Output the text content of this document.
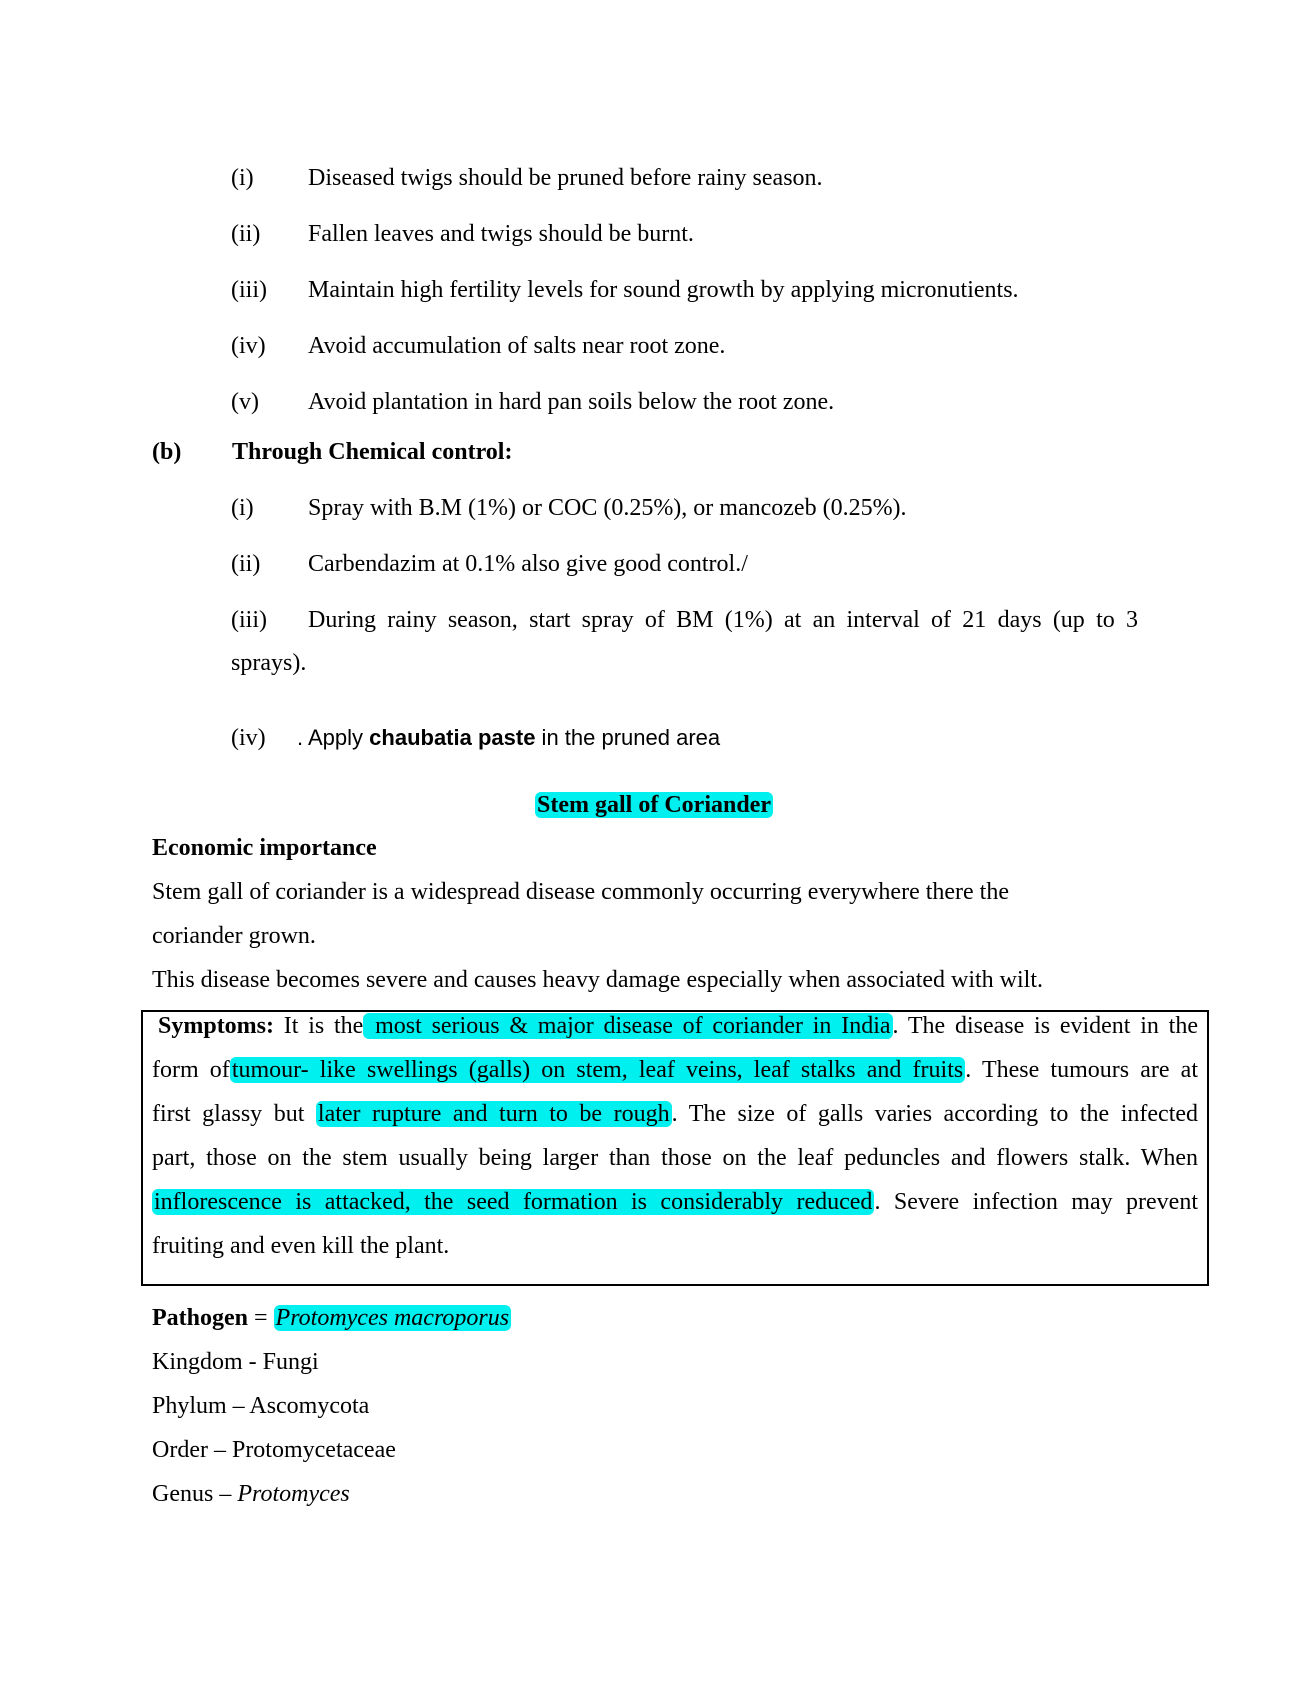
(i) Diseased twigs should be pruned before rainy season.
(ii) Fallen leaves and twigs should be burnt.
(iii) Maintain high fertility levels for sound growth by applying micronutients.
(iv) Avoid accumulation of salts near root zone.
(v) Avoid plantation in hard pan soils below the root zone.
(b) Through Chemical control:
(i) Spray with B.M (1%) or COC (0.25%), or mancozeb (0.25%).
(ii) Carbendazim at 0.1% also give good control./
(iii) During rainy season, start spray of BM (1%) at an interval of 21 days (up to 3
sprays).
(iv) . Apply chaubatia paste in the pruned area
Stem gall of Coriander
Economic importance
Stem gall of coriander is a widespread disease commonly occurring everywhere there the
coriander grown.
This disease becomes severe and causes heavy damage especially when associated with wilt.
Symptoms: It is the most serious & major disease of coriander in India. The disease is evident in the
form oftumour- like swellings (galls) on stem, leaf veins, leaf stalks and fruits. These tumours are at
first glassy but later rupture and turn to be rough. The size of galls varies according to the infected
part, those on the stem usually being larger than those on the leaf peduncles and flowers stalk. When
inflorescence is attacked, the seed formation is considerably reduced. Severe infection may prevent
fruiting and even kill the plant.
Pathogen = Protomyces macroporus
Kingdom - Fungi
Phylum – Ascomycota
Order – Protomycetaceae
Genus – Protomyces
